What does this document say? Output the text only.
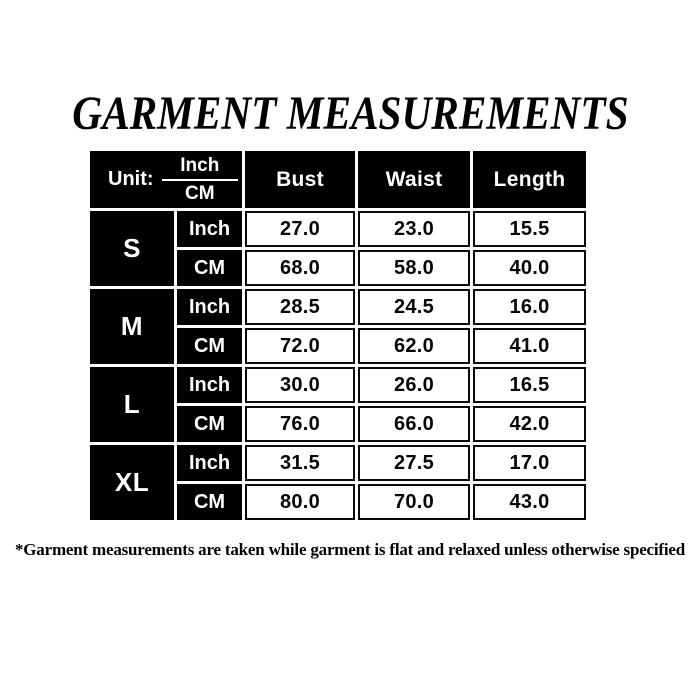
GARMENT MEASUREMENTS
Unit: $\frac{\text{Inch}}{CM}$		Bust	Waist	Length
S	Inch	27.0	23.0	15.5
	CM	68.0	58.0	40.0
M	Inch	28.5	24.5	16.0
	CM	72.0	62.0	41.0
L	Inch	30.0	26.0	16.5
	CM	76.0	66.0	42.0
XL	Inch	31.5	27.5	17.0
	CM	80.0	70.0	43.0
*Garment measurements are taken while garment is flat and relaxed unless otherwise specified
